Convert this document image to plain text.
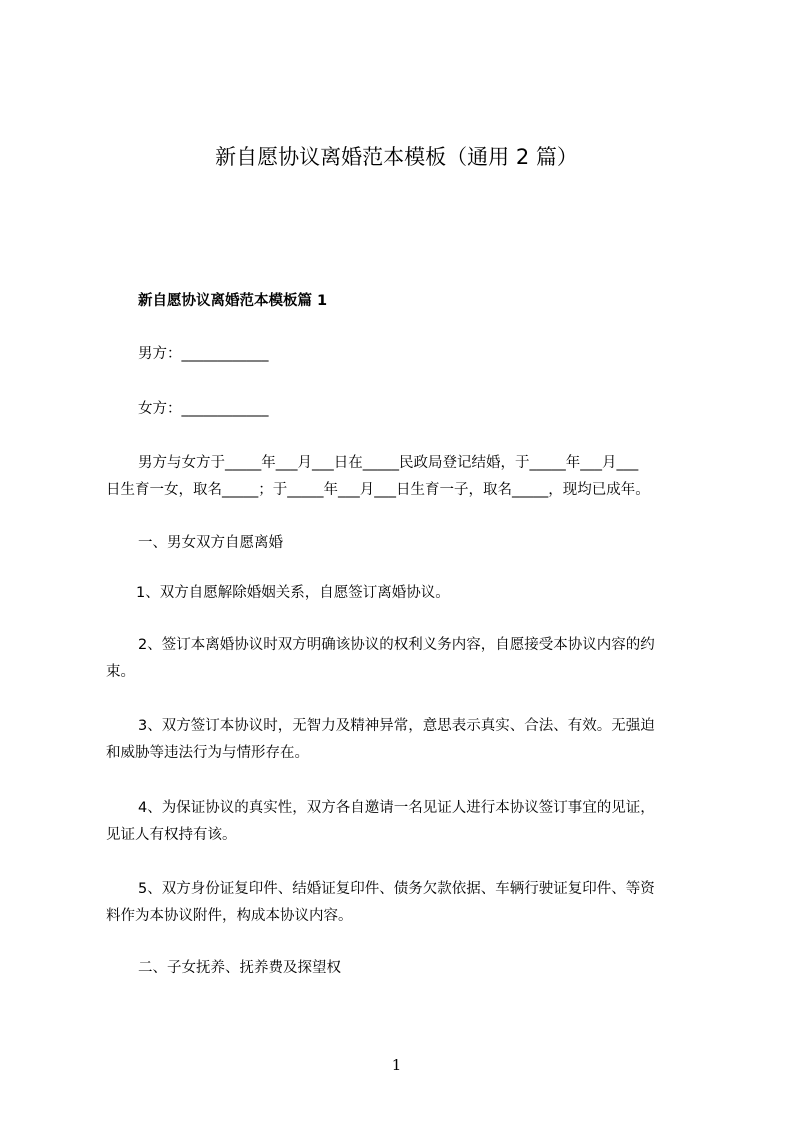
新自愿协议离婚范本模板（通用 2 篇）
新自愿协议离婚范本模板篇 1
男方：____________
女方：____________
男方与女方于_____年___月___日在_____民政局登记结婚，于_____年___月___
日生育一女，取名_____；于_____年___月___日生育一子，取名_____，现均已成年。
一、男女双方自愿离婚
1、双方自愿解除婚姻关系，自愿签订离婚协议。
2、签订本离婚协议时双方明确该协议的权利义务内容，自愿接受本协议内容的约
束。
3、双方签订本协议时，无智力及精神异常，意思表示真实、合法、有效。无强迫
和威胁等违法行为与情形存在。
4、为保证协议的真实性，双方各自邀请一名见证人进行本协议签订事宜的见证，
见证人有权持有该。
5、双方身份证复印件、结婚证复印件、债务欠款依据、车辆行驶证复印件、等资
料作为本协议附件，构成本协议内容。
二、子女抚养、抚养费及探望权
1
